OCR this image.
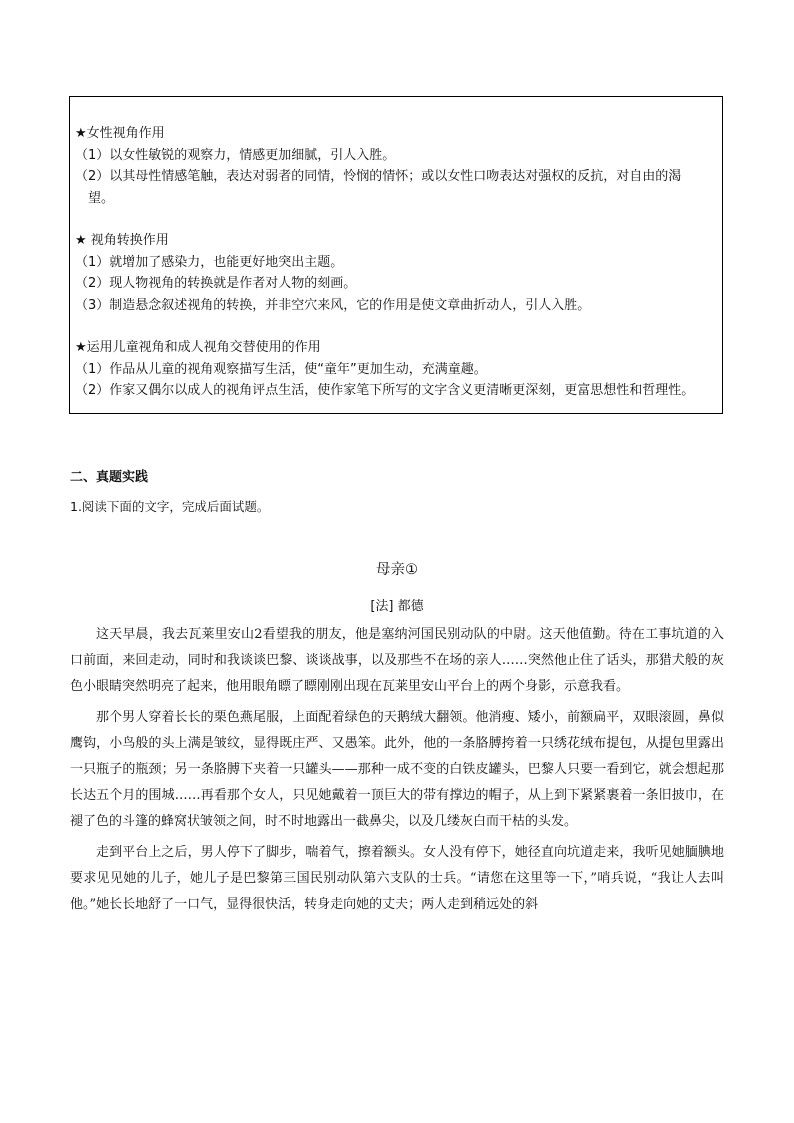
★女性视角作用

（1）以女性敏锐的观察力，情感更加细腻，引人入胜。

（2）以其母性情感笔触，表达对弱者的同情，怜悯的情怀；或以女性口吻表达对强权的反抗，对自由的渴

望。

★ 视角转换作用

（1）就增加了感染力，也能更好地突出主题。

（2）现人物视角的转换就是作者对人物的刻画。

（3）制造悬念叙述视角的转换，并非空穴来风，它的作用是使文章曲折动人，引人入胜。

★运用儿童视角和成人视角交替使用的作用

（1）作品从儿童的视角观察描写生活，使“童年”更加生动，充满童趣。

（2）作家又偶尔以成人的视角评点生活，使作家笔下所写的文字含义更清晰更深刻，更富思想性和哲理性。

二、真题实践
1.阅读下面的文字，完成后面试题。
母亲①
[法] 都德

这天早晨，我去瓦莱里安山2看望我的朋友，他是塞纳河国民别动队的中尉。这天他值勤。待在工事坑道的入口前面，来回走动，同时和我谈谈巴黎、谈谈战事，以及那些不在场的亲人……突然他止住了话头，那猎犬般的灰色小眼睛突然明亮了起来，他用眼角瞟了瞟刚刚出现在瓦莱里安山平台上的两个身影，示意我看。

那个男人穿着长长的栗色燕尾服，上面配着绿色的天鹅绒大翻领。他消瘦、矮小，前额扁平，双眼滚圆，鼻似鹰钩，小鸟般的头上满是皱纹，显得既庄严、又愚笨。此外，他的一条胳膊挎着一只绣花绒布提包，从提包里露出一只瓶子的瓶颈；另一条胳膊下夹着一只罐头——那种一成不变的白铁皮罐头，巴黎人只要一看到它，就会想起那长达五个月的围城……再看那个女人，只见她戴着一顶巨大的带有撑边的帽子，从上到下紧紧裹着一条旧披巾，在褪了色的斗篷的蜂窝状皱领之间，时不时地露出一截鼻尖，以及几缕灰白而干枯的头发。

走到平台上之后，男人停下了脚步，喘着气，擦着额头。女人没有停下，她径直向坑道走来，我听见她腼腆地要求见见她的儿子，她儿子是巴黎第三国民别动队第六支队的士兵。“请您在这里等一下，”哨兵说，“我让人去叫他。”她长长地舒了一口气，显得很快活，转身走向她的丈夫；两人走到稍远处的斜
